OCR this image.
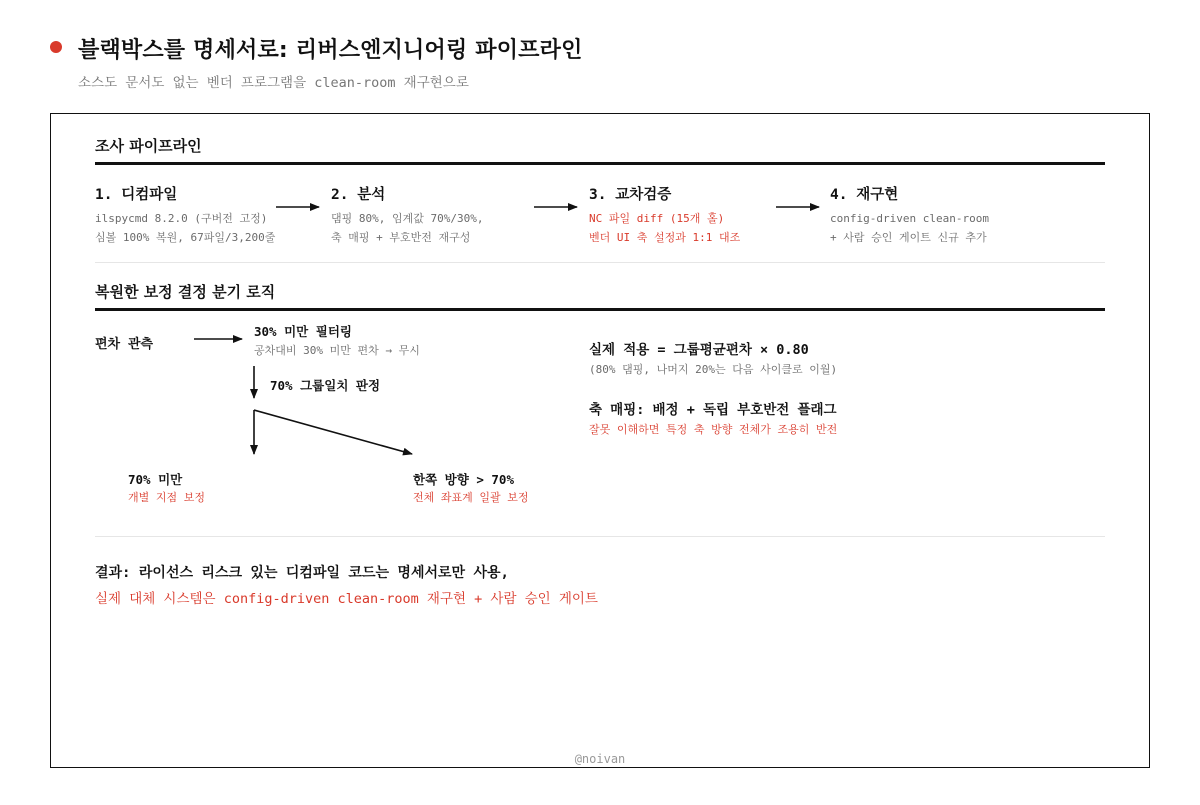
블랙박스를 명세서로: 리버스엔지니어링 파이프라인
소스도 문서도 없는 벤더 프로그램을 clean-room 재구현으로
조사 파이프라인
1. 디컴파일
ilspycmd 8.2.0 (구버전 고정)
심볼 100% 복원, 67파일/3,200줄
2. 분석
댐핑 80%, 임계값 70%/30%,
축 매핑 + 부호반전 재구성
3. 교차검증
NC 파일 diff (15개 홀)
벤더 UI 축 설정과 1:1 대조
4. 재구현
config-driven clean-room
+ 사람 승인 게이트 신규 추가
복원한 보정 결정 분기 로직
편차 관측
30% 미만 필터링
공차대비 30% 미만 편차 → 무시
70% 그룹일치 판정
70% 미만
개별 지점 보정
한쪽 방향 > 70%
전체 좌표계 일괄 보정
실제 적용 = 그룹평균편차 × 0.80
(80% 댐핑, 나머지 20%는 다음 사이클로 이월)
축 매핑: 배정 + 독립 부호반전 플래그
잘못 이해하면 특정 축 방향 전체가 조용히 반전
결과: 라이선스 리스크 있는 디컴파일 코드는 명세서로만 사용,
실제 대체 시스템은 config-driven clean-room 재구현 + 사람 승인 게이트
@noivan
